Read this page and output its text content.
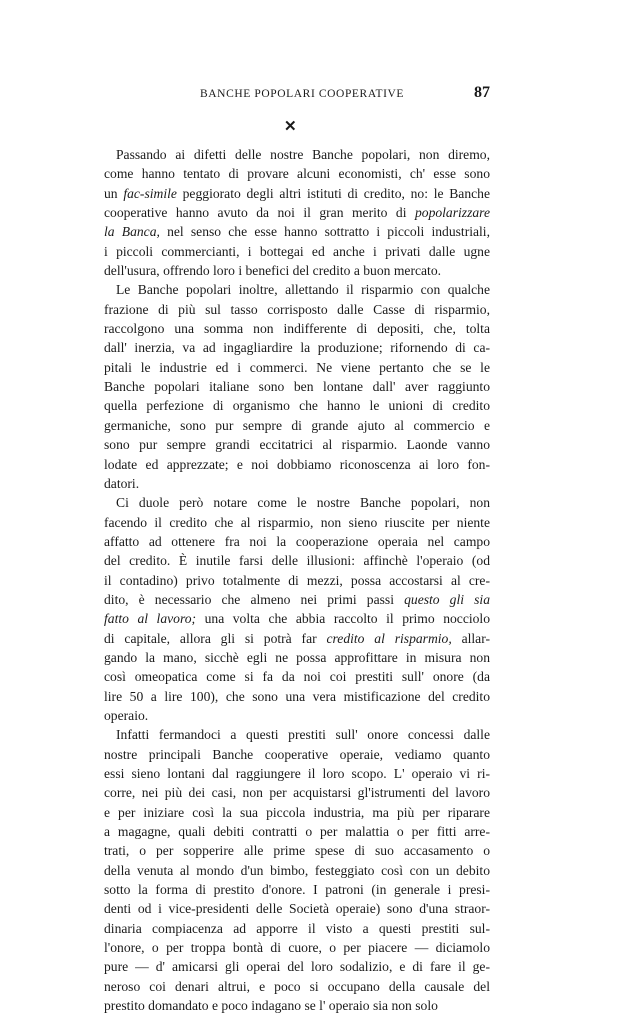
BANCHE POPOLARI COOPERATIVE	87
✕
Passando ai difetti delle nostre Banche popolari, non diremo,
come hanno tentato di provare alcuni economisti, ch' esse sono
un fac-simile peggiorato degli altri istituti di credito, no: le Banche
cooperative hanno avuto da noi il gran merito di popolarizzare
la Banca, nel senso che esse hanno sottratto i piccoli industriali,
i piccoli commercianti, i bottegai ed anche i privati dalle ugne
dell'usura, offrendo loro i benefici del credito a buon mercato.
Le Banche popolari inoltre, allettando il risparmio con qualche
frazione di più sul tasso corrisposto dalle Casse di risparmio,
raccolgono una somma non indifferente di depositi, che, tolta
dall' inerzia, va ad ingagliardire la produzione; rifornendo di ca-
pitali le industrie ed i commerci. Ne viene pertanto che se le
Banche popolari italiane sono ben lontane dall' aver raggiunto
quella perfezione di organismo che hanno le unioni di credito
germaniche, sono pur sempre di grande ajuto al commercio e
sono pur sempre grandi eccitatrici al risparmio. Laonde vanno
lodate ed apprezzate; e noi dobbiamo riconoscenza ai loro fon-
datori.
Ci duole però notare come le nostre Banche popolari, non
facendo il credito che al risparmio, non sieno riuscite per niente
affatto ad ottenere fra noi la cooperazione operaia nel campo
del credito. È inutile farsi delle illusioni: affinchè l'operaio (od
il contadino) privo totalmente di mezzi, possa accostarsi al cre-
dito, è necessario che almeno nei primi passi questo gli sia
fatto al lavoro; una volta che abbia raccolto il primo nocciolo
di capitale, allora gli si potrà far credito al risparmio, allar-
gando la mano, sicchè egli ne possa approfittare in misura non
così omeopatica come si fa da noi coi prestiti sull' onore (da
lire 50 a lire 100), che sono una vera mistificazione del credito
operaio.
Infatti fermandoci a questi prestiti sull' onore concessi dalle
nostre principali Banche cooperative operaie, vediamo quanto
essi sieno lontani dal raggiungere il loro scopo. L' operaio vi ri-
corre, nei più dei casi, non per acquistarsi gl'istrumenti del lavoro
e per iniziare così la sua piccola industria, ma più per riparare
a magagne, quali debiti contratti o per malattia o per fitti arre-
trati, o per sopperire alle prime spese di suo accasamento o
della venuta al mondo d'un bimbo, festeggiato così con un debito
sotto la forma di prestito d'onore. I patroni (in generale i presi-
denti od i vice-presidenti delle Società operaie) sono d'una straor-
dinaria compiacenza ad apporre il visto a questi prestiti sul-
l'onore, o per troppa bontà di cuore, o per piacere — diciamolo
pure — d' amicarsi gli operai del loro sodalizio, e di fare il ge-
neroso coi denari altrui, e poco si occupano della causale del
prestito domandato e poco indagano se l' operaio sia non solo
